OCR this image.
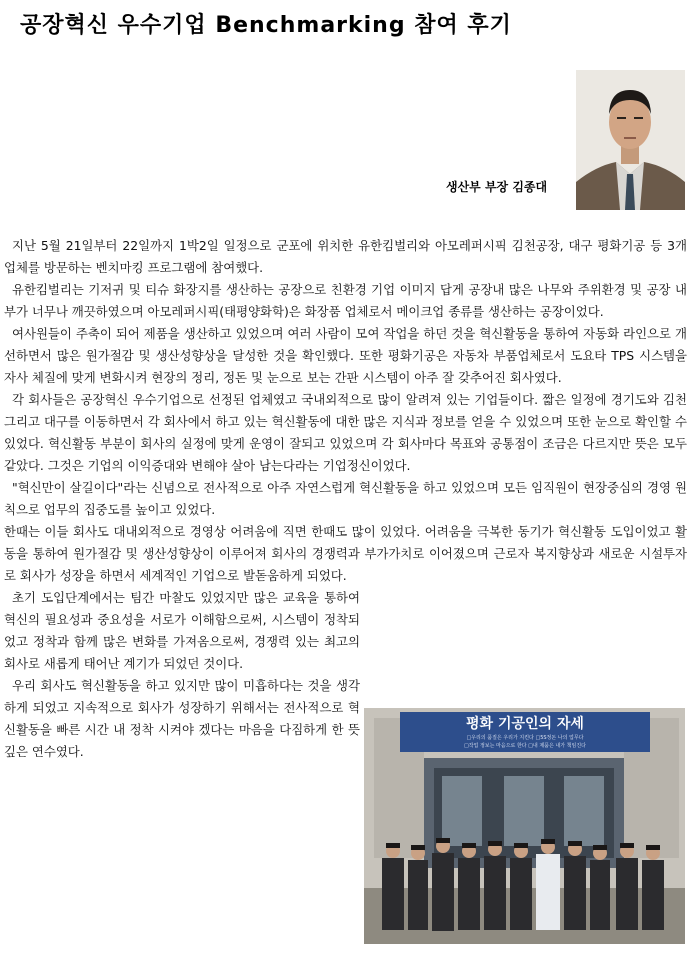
공장혁신 우수기업 Benchmarking 참여 후기
생산부 부장 김종대

지난 5월 21일부터 22일까지 1박2일 일정으로 군포에 위치한 유한킴벌리와 아모레퍼시픽 김천공장, 대구 평화기공 등 3개 업체를 방문하는 벤치마킹 프로그램에 참여했다.

유한킴벌리는 기저귀 및 티슈 화장지를 생산하는 공장으로 친환경 기업 이미지 답게 공장내 많은 나무와 주위환경 및 공장 내부가 너무나 깨끗하였으며 아모레퍼시픽(태평양화학)은 화장품 업체로서 메이크업 종류를 생산하는 공장이었다.

여사원들이 주축이 되어 제품을 생산하고 있었으며 여러 사람이 모여 작업을 하던 것을 혁신활동을 통하여 자동화 라인으로 개선하면서 많은 원가절감 및 생산성향상을 달성한 것을 확인했다. 또한 평화기공은 자동차 부품업체로서 도요타 TPS 시스템을 자사 체질에 맞게 변화시켜 현장의 정리, 정돈 및 눈으로 보는 간판 시스템이 아주 잘 갖추어진 회사였다.

각 회사들은 공장혁신 우수기업으로 선정된 업체였고 국내외적으로 많이 알려져 있는 기업들이다. 짧은 일정에 경기도와 김천 그리고 대구를 이동하면서 각 회사에서 하고 있는 혁신활동에 대한 많은 지식과 정보를 얻을 수 있었으며 또한 눈으로 확인할 수 있었다. 혁신활동 부분이 회사의 실정에 맞게 운영이 잘되고 있었으며 각 회사마다 목표와 공통점이 조금은 다르지만 뜻은 모두 같았다. 그것은 기업의 이익증대와 변해야 살아 남는다라는 기업정신이었다.

"혁신만이 살길이다"라는 신념으로 전사적으로 아주 자연스럽게 혁신활동을 하고 있었으며 모든 임직원이 현장중심의 경영 원칙으로 업무의 집중도를 높이고 있었다.

한때는 이들 회사도 대내외적으로 경영상 어려움에 직면 한때도 많이 있었다. 어려움을 극복한 동기가 혁신활동 도입이었고 활동을 통하여 원가절감 및 생산성향상이 이루어져 회사의 경쟁력과 부가가치로 이어졌으며 근로자 복지향상과 새로운 시설투자로 회사가 성장을 하면서 세계적인 기업으로 발돋움하게 되었다.

초기 도입단계에서는 팀간 마찰도 있었지만 많은 교육을 통하여 혁신의 필요성과 중요성을 서로가 이해함으로써, 시스템이 정착되었고 정착과 함께 많은 변화를 가져옴으로써, 경쟁력 있는 최고의 회사로 새롭게 태어난 계기가 되었던 것이다.

우리 회사도 혁신활동을 하고 있지만 많이 미흡하다는 것을 생각하게 되었고 지속적으로 회사가 성장하기 위해서는 전사적으로 혁신활동을 빠른 시간 내 정착 시켜야 겠다는 마음을 다짐하게 한 뜻 깊은 연수였다.

평화 기공인의 자세
□우리의 품질은 우리가 지킨다 □5S정돈 나의 업무다
□작업 정보는 마음으로 한다 □내 제품은 내가 책임진다
